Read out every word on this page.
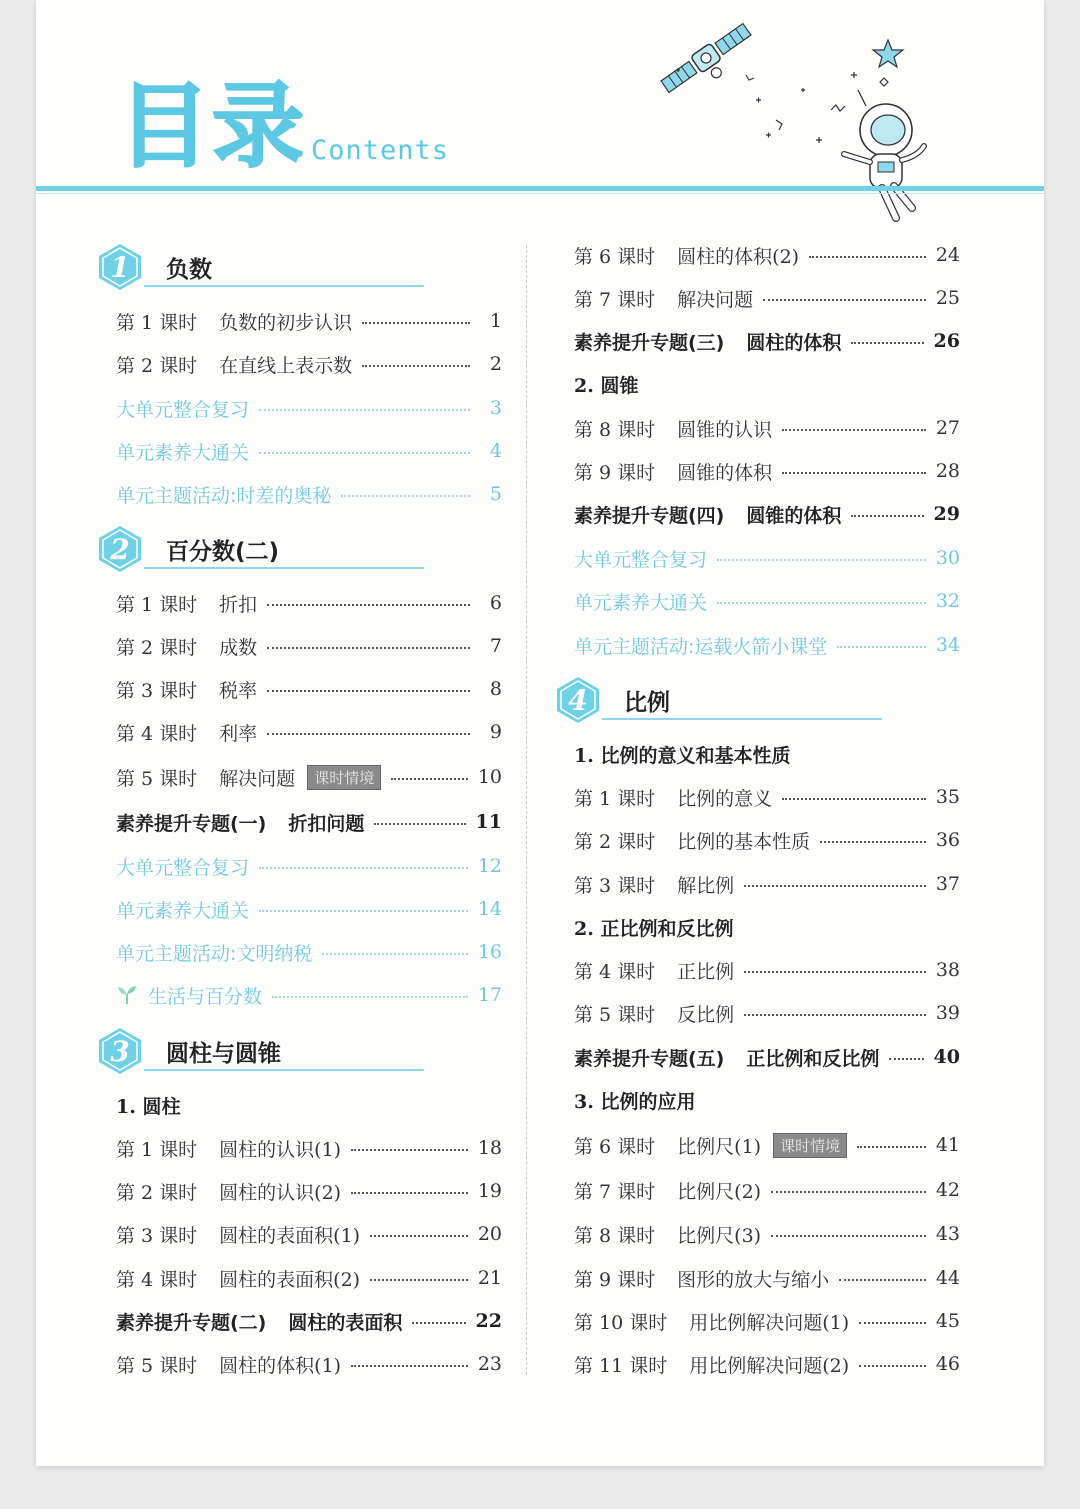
目录 Contents
1 负数
第 1 课时 负数的初步认识	1
第 2 课时 在直线上表示数	2
大单元整合复习	3
单元素养大通关	4
单元主题活动:时差的奥秘	5
2 百分数(二)
第 1 课时 折扣	6
第 2 课时 成数	7
第 3 课时 税率	8
第 4 课时 利率	9
第 5 课时 解决问题	课时情境	10
素养提升专题(一) 折扣问题	11
大单元整合复习	12
单元素养大通关	14
单元主题活动:文明纳税	16
生活与百分数	17
3 圆柱与圆锥
1. 圆柱
第 1 课时 圆柱的认识(1)	18
第 2 课时 圆柱的认识(2)	19
第 3 课时 圆柱的表面积(1)	20
第 4 课时 圆柱的表面积(2)	21
素养提升专题(二) 圆柱的表面积	22
第 5 课时 圆柱的体积(1)	23
第 6 课时 圆柱的体积(2)	24
第 7 课时 解决问题	25
素养提升专题(三) 圆柱的体积	26
2. 圆锥
第 8 课时 圆锥的认识	27
第 9 课时 圆锥的体积	28
素养提升专题(四) 圆锥的体积	29
大单元整合复习	30
单元素养大通关	32
单元主题活动:运载火箭小课堂	34
4 比例
1. 比例的意义和基本性质
第 1 课时 比例的意义	35
第 2 课时 比例的基本性质	36
第 3 课时 解比例	37
2. 正比例和反比例
第 4 课时 正比例	38
第 5 课时 反比例	39
素养提升专题(五) 正比例和反比例	40
3. 比例的应用
第 6 课时 比例尺(1)	课时情境	41
第 7 课时 比例尺(2)	42
第 8 课时 比例尺(3)	43
第 9 课时 图形的放大与缩小	44
第 10 课时 用比例解决问题(1)	45
第 11 课时 用比例解决问题(2)	46
